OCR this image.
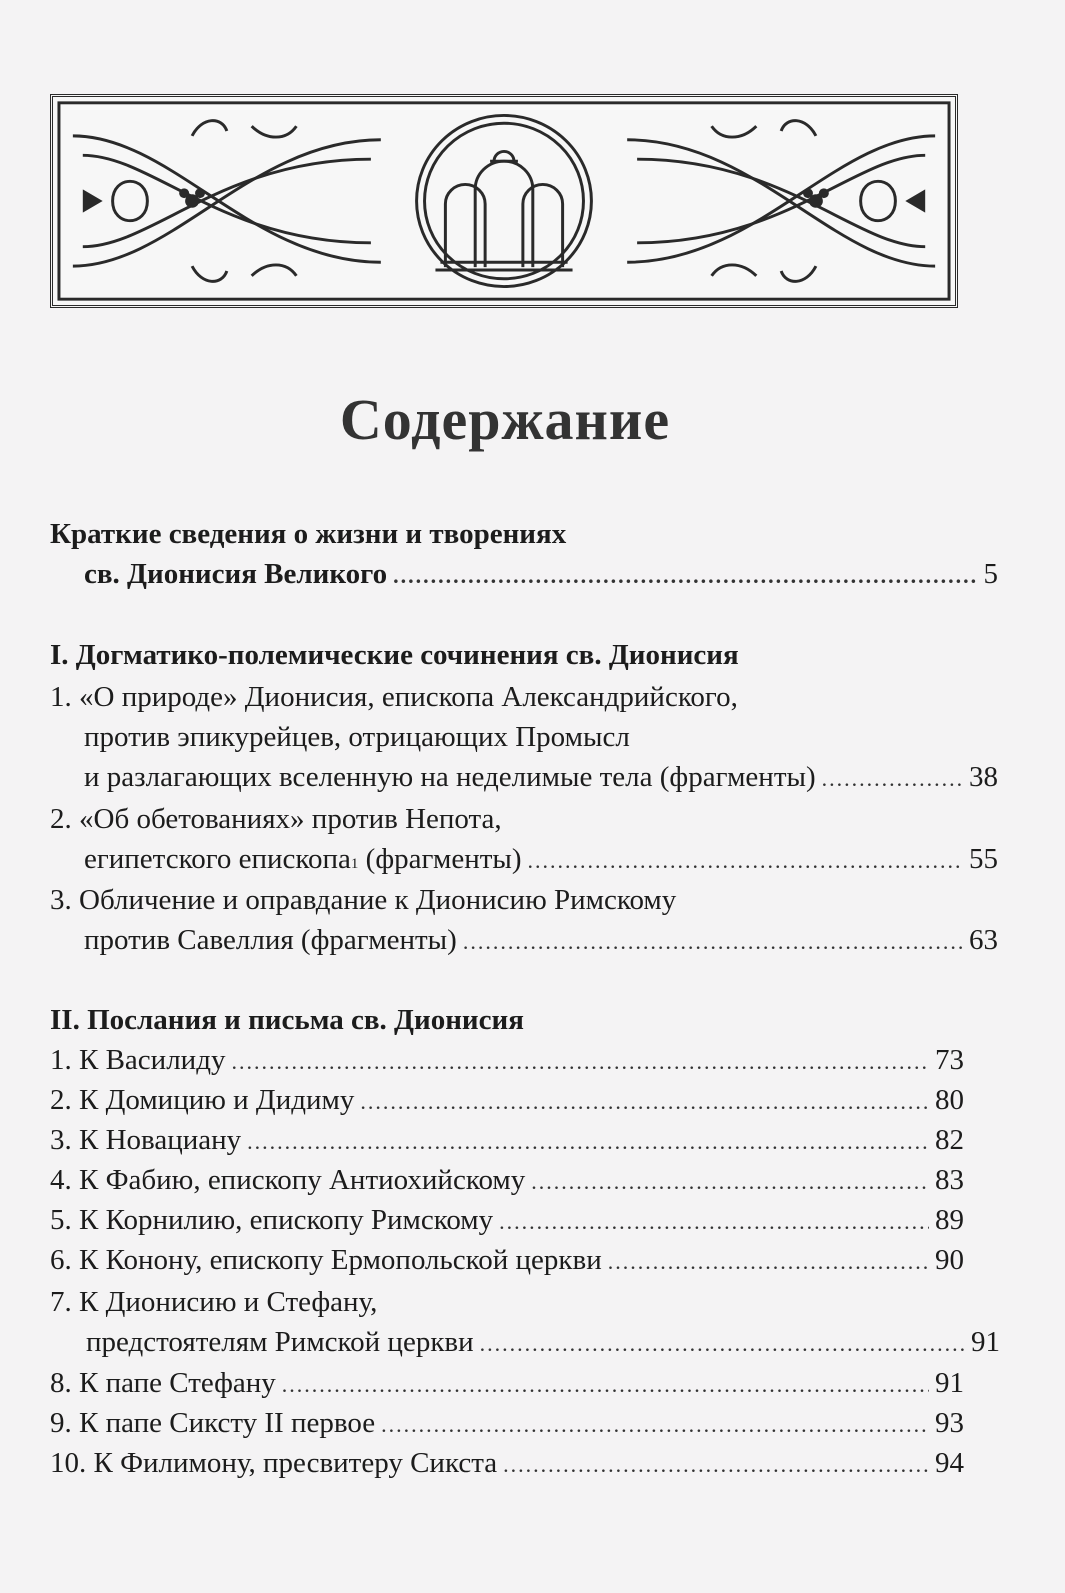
Содержание
Краткие сведения о жизни и творениях
св. Дионисия Великого .....	5
I. Догматико-полемические сочинения св. Дионисия
1.
«О природе» Дионисия, епископа Александрийского,
против эпикурейцев, отрицающих Промысл
и разлагающих вселенную на неделимые тела (фрагменты) .....	38
2.
«Об обетованиях» против Непота,
египетского епископа 1 (фрагменты) .....	55
3.
Обличение и оправдание к Дионисию Римскому
против Савеллия (фрагменты) .....	63
II. Послания и письма св. Дионисия
1.
К Василиду .....	73
2.
К Домицию и Дидиму .....	80
3.
К Новациану .....	82
4.
К Фабию, епископу Антиохийскому .....	83
5.
К Корнилию, епископу Римскому .....	89
6.
К Конону, епископу Ермопольской церкви .....	90
7.
К Дионисию и Стефану,
предстоятелям Римской церкви .....	91
8.
К папе Стефану .....	91
9.
К папе Сиксту II первое .....	93
10.
К Филимону, пресвитеру Сикста .....	94
